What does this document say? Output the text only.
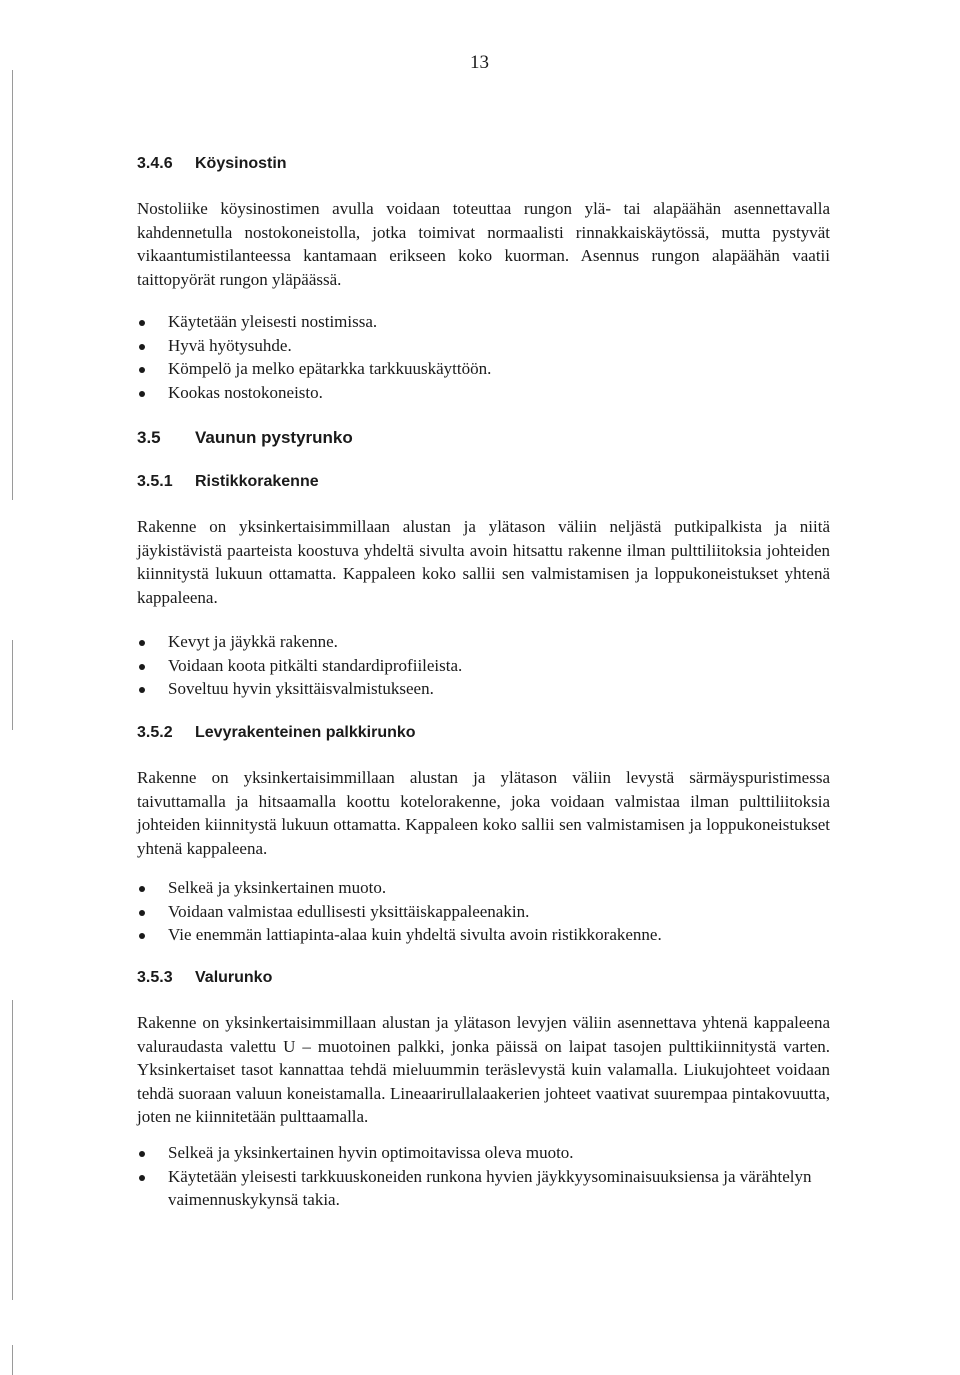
13
3.4.6 Köysinostin

Nostoliike köysinostimen avulla voidaan toteuttaa rungon ylä- tai alapäähän asennettavalla kahdennetulla nostokoneistolla, jotka toimivat normaalisti rinnakkaiskäytössä, mutta pystyvät vikaantumistilanteessa kantamaan erikseen koko kuorman. Asennus rungon alapäähän vaatii taittopyörät rungon yläpäässä.

Käytetään yleisesti nostimissa.
Hyvä hyötysuhde.
Kömpelö ja melko epätarkka tarkkuuskäyttöön.
Kookas nostokoneisto.
3.5 Vaunun pystyrunko
3.5.1 Ristikkorakenne

Rakenne on yksinkertaisimmillaan alustan ja ylätason väliin neljästä putkipalkista ja niitä jäykistävistä paarteista koostuva yhdeltä sivulta avoin hitsattu rakenne ilman pulttiliitoksia johteiden kiinnitystä lukuun ottamatta. Kappaleen koko sallii sen valmistamisen ja loppukoneistukset yhtenä kappaleena.

Kevyt ja jäykkä rakenne.
Voidaan koota pitkälti standardiprofiileista.
Soveltuu hyvin yksittäisvalmistukseen.
3.5.2 Levyrakenteinen palkkirunko

Rakenne on yksinkertaisimmillaan alustan ja ylätason väliin levystä särmäyspuristimessa taivuttamalla ja hitsaamalla koottu kotelorakenne, joka voidaan valmistaa ilman pulttiliitoksia johteiden kiinnitystä lukuun ottamatta. Kappaleen koko sallii sen valmistamisen ja loppukoneistukset yhtenä kappaleena.

Selkeä ja yksinkertainen muoto.
Voidaan valmistaa edullisesti yksittäiskappaleenakin.
Vie enemmän lattiapinta-alaa kuin yhdeltä sivulta avoin ristikkorakenne.
3.5.3 Valurunko

Rakenne on yksinkertaisimmillaan alustan ja ylätason levyjen väliin asennettava yhtenä kappaleena valuraudasta valettu U – muotoinen palkki, jonka päissä on laipat tasojen pulttikiinnitystä varten. Yksinkertaiset tasot kannattaa tehdä mieluummin teräslevystä kuin valamalla. Liukujohteet voidaan tehdä suoraan valuun koneistamalla. Lineaarirullalaakerien johteet vaativat suurempaa pintakovuutta, joten ne kiinnitetään pulttaamalla.

Selkeä ja yksinkertainen hyvin optimoitavissa oleva muoto.
Käytetään yleisesti tarkkuuskoneiden runkona hyvien jäykkyysominaisuuksiensa ja värähtelyn vaimennuskykynsä takia.
